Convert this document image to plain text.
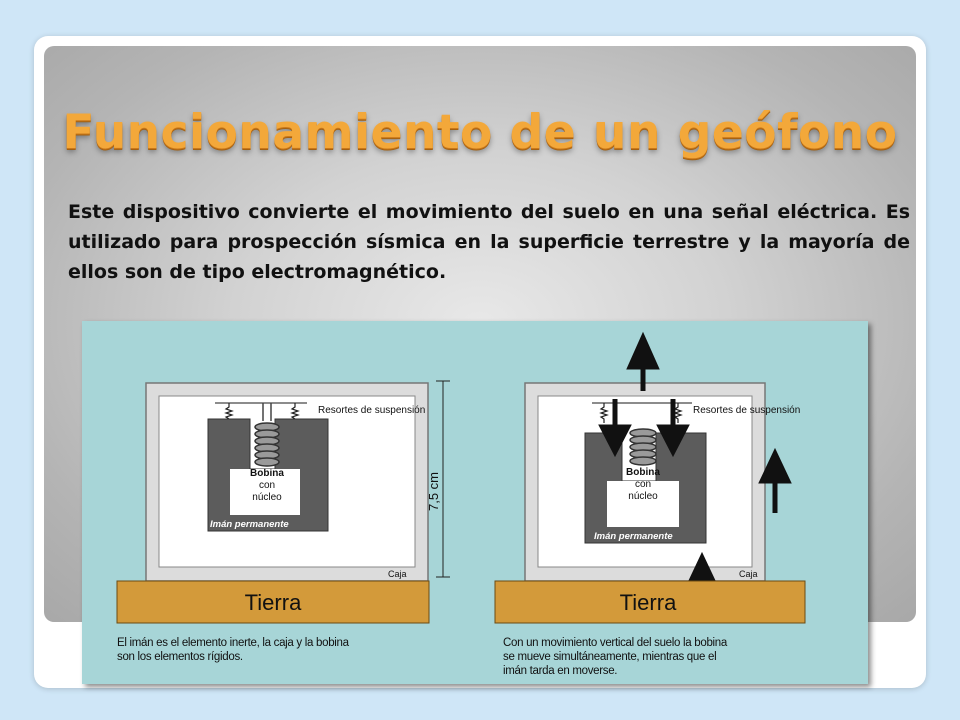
Funcionamiento de un geófono

Este dispositivo convierte el movimiento del suelo en una señal eléctrica. Es utilizado para prospección sísmica en la superficie terrestre y la mayoría de ellos son de tipo electromagnético.

Bobina
con
núcleo
Imán permanente
Resortes de suspensión
Caja
7,5 cm
Tierra
Bobina
con
núcleo
Imán permanente
Resortes de suspensión
Caja
Tierra
El imán es el elemento inerte, la caja y la bobina
son los elementos rígidos.
Con un movimiento vertical del suelo la bobina
se mueve simultáneamente, mientras que el
imán tarda en moverse.
